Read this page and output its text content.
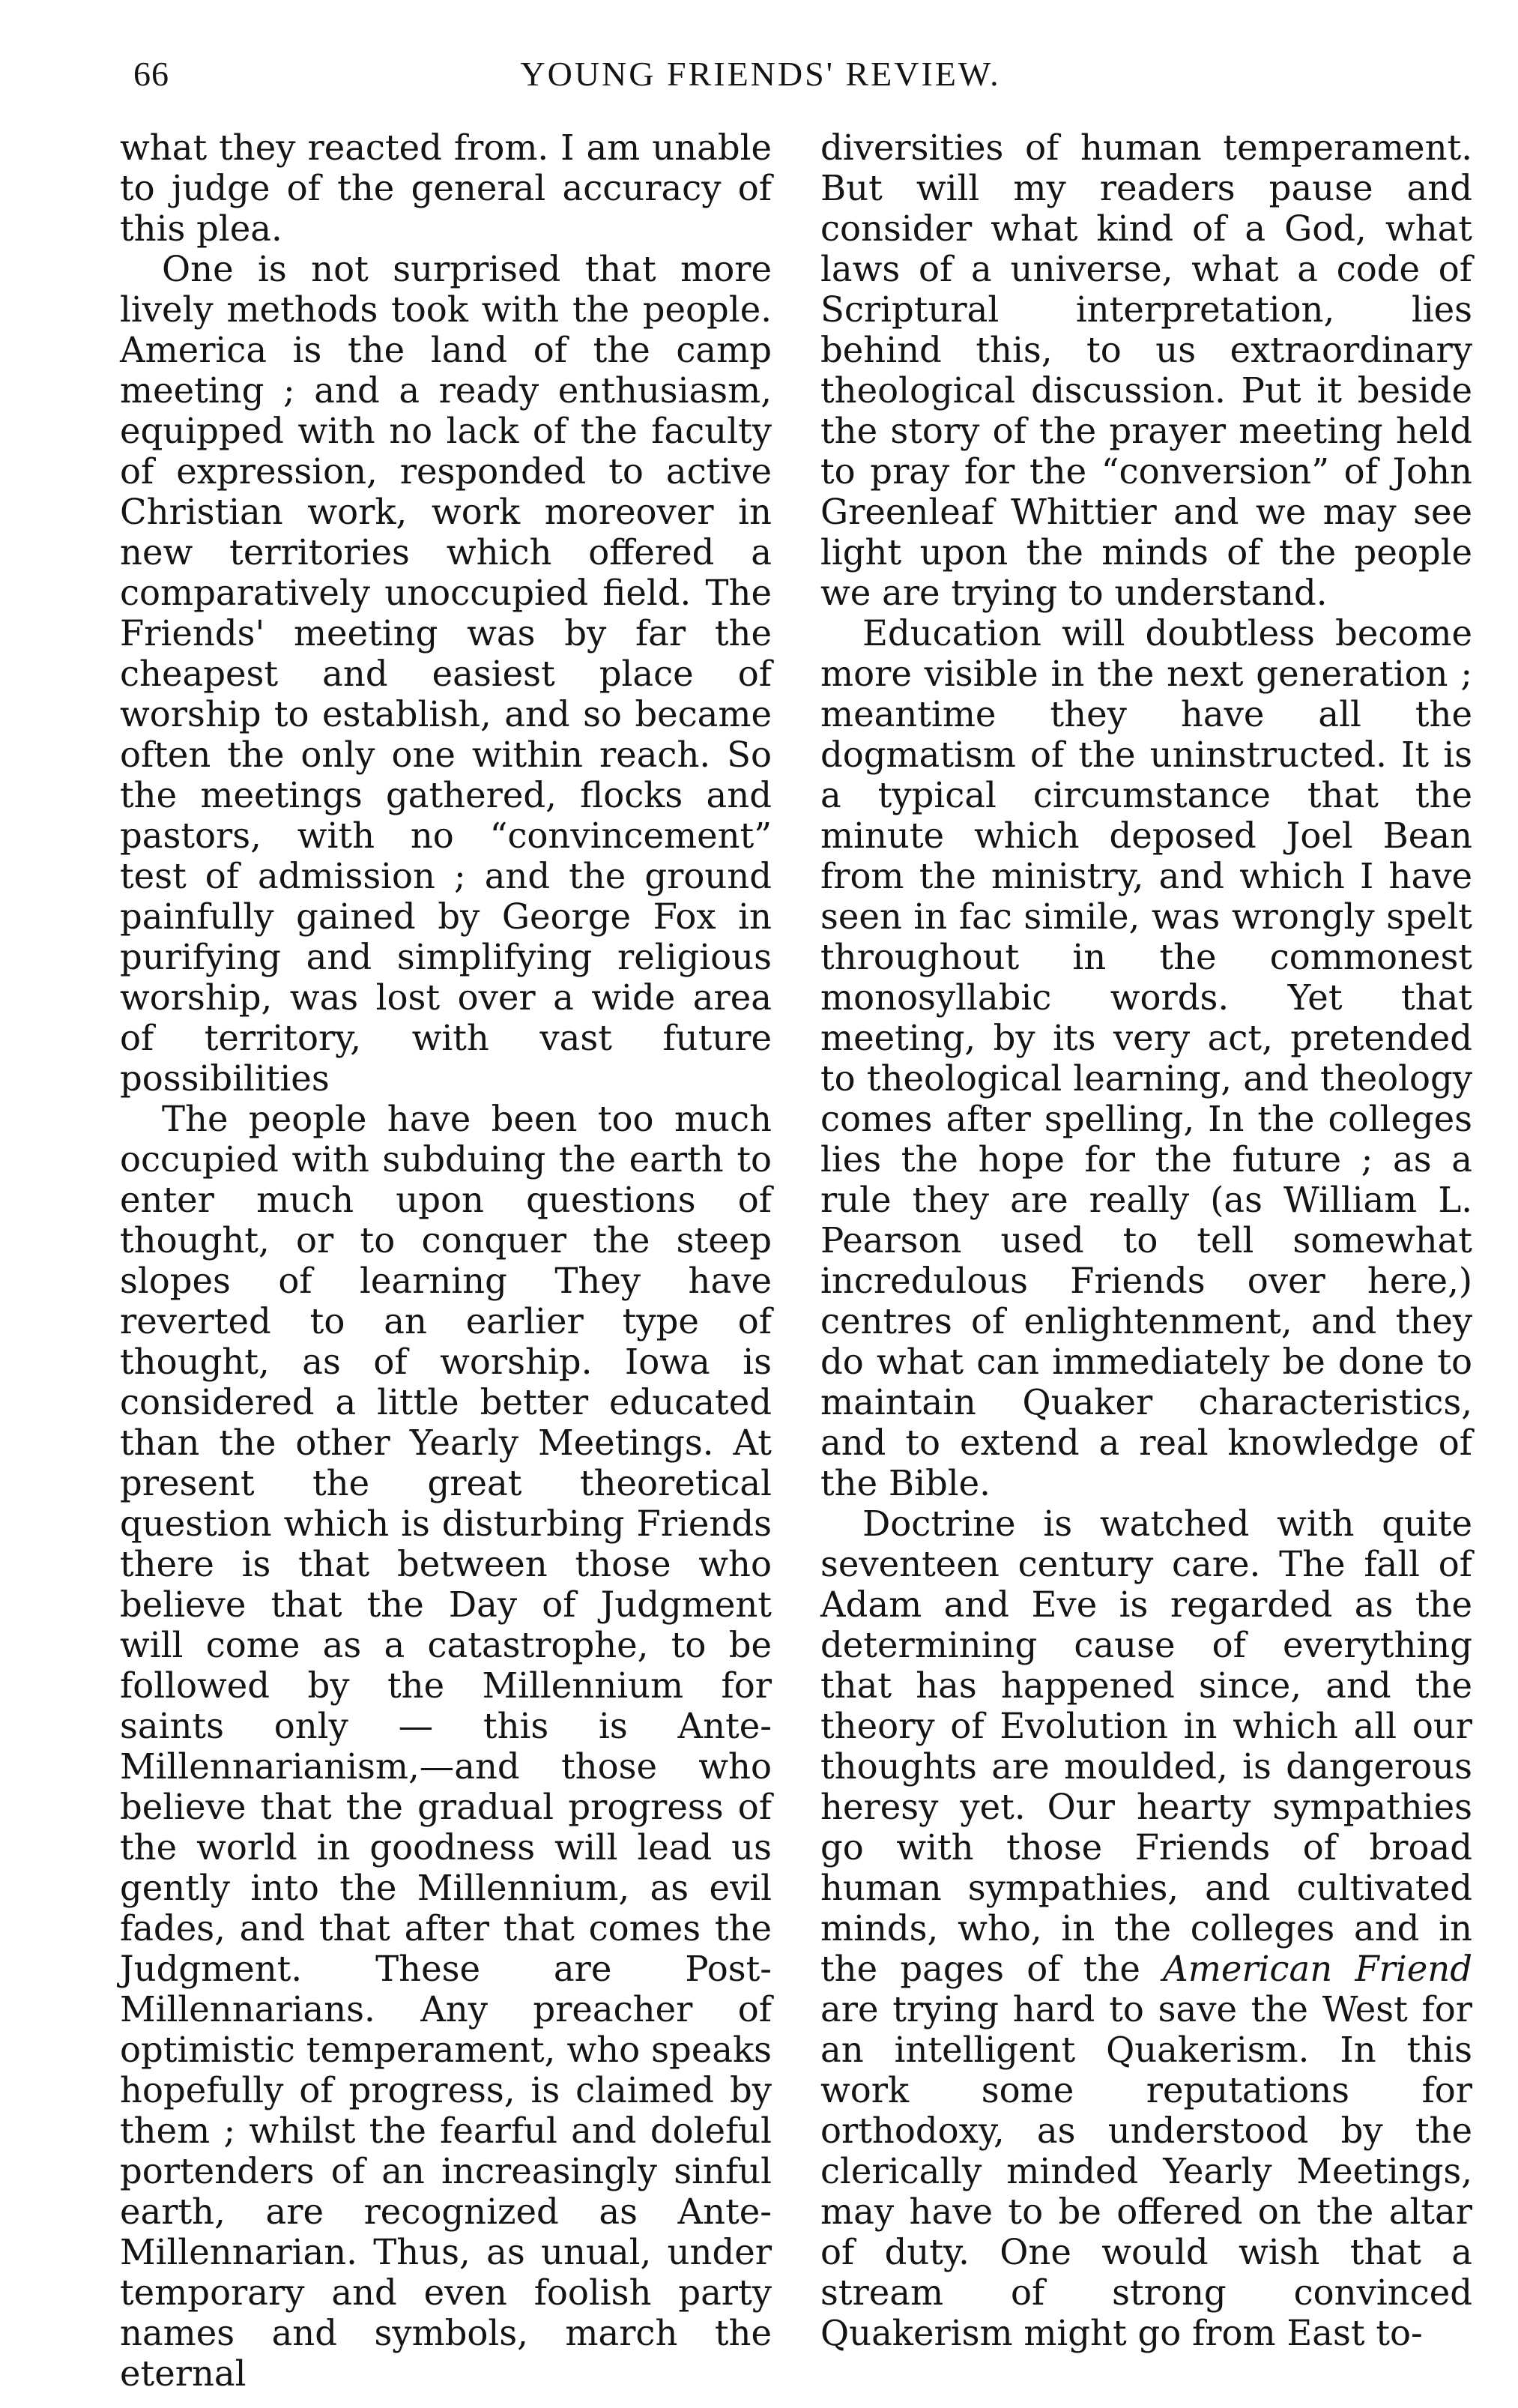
66	YOUNG FRIENDS' REVIEW.

what they reacted from. I am unable to judge of the general accuracy of this plea.

One is not surprised that more lively methods took with the people. America is the land of the camp meeting ; and a ready enthusiasm, equipped with no lack of the faculty of expression, responded to active Christian work, work moreover in new territories which offered a comparatively unoccupied field. The Friends' meeting was by far the cheapest and easiest place of worship to establish, and so became often the only one within reach. So the meetings gathered, flocks and pastors, with no “convincement” test of admission ; and the ground painfully gained by George Fox in purifying and simplifying religious worship, was lost over a wide area of territory, with vast future possibilities

The people have been too much occupied with subduing the earth to enter much upon questions of thought, or to conquer the steep slopes of learning They have reverted to an earlier type of thought, as of worship. Iowa is considered a little better educated than the other Yearly Meetings. At present the great theoretical question which is disturbing Friends there is that between those who believe that the Day of Judgment will come as a catastrophe, to be followed by the Millennium for saints only — this is Ante-Millennarianism,—and those who believe that the gradual progress of the world in goodness will lead us gently into the Millennium, as evil fades, and that after that comes the Judgment. These are Post-Millennarians. Any preacher of optimistic temperament, who speaks hopefully of progress, is claimed by them ; whilst the fearful and doleful portenders of an increasingly sinful earth, are recognized as Ante-Millennarian. Thus, as unual, under temporary and even foolish party names and symbols, march the eternal

diversities of human temperament. But will my readers pause and consider what kind of a God, what laws of a universe, what a code of Scriptural interpretation, lies behind this, to us extraordinary theological discussion. Put it beside the story of the prayer meeting held to pray for the “conversion” of John Greenleaf Whittier and we may see light upon the minds of the people we are trying to understand.

Education will doubtless become more visible in the next generation ; meantime they have all the dogmatism of the uninstructed. It is a typical circumstance that the minute which deposed Joel Bean from the ministry, and which I have seen in fac simile, was wrongly spelt throughout in the commonest monosyllabic words. Yet that meeting, by its very act, pretended to theological learning, and theology comes after spelling, In the colleges lies the hope for the future ; as a rule they are really (as William L. Pearson used to tell somewhat incredulous Friends over here,) centres of enlightenment, and they do what can immediately be done to maintain Quaker characteristics, and to extend a real knowledge of the Bible.

Doctrine is watched with quite seventeen century care. The fall of Adam and Eve is regarded as the determining cause of everything that has happened since, and the theory of Evolution in which all our thoughts are moulded, is dangerous heresy yet. Our hearty sympathies go with those Friends of broad human sympathies, and cultivated minds, who, in the colleges and in the pages of the American Friend are trying hard to save the West for an intelligent Quakerism. In this work some reputations for orthodoxy, as understood by the clerically minded Yearly Meetings, may have to be offered on the altar of duty. One would wish that a stream of strong convinced Quakerism might go from East to-
